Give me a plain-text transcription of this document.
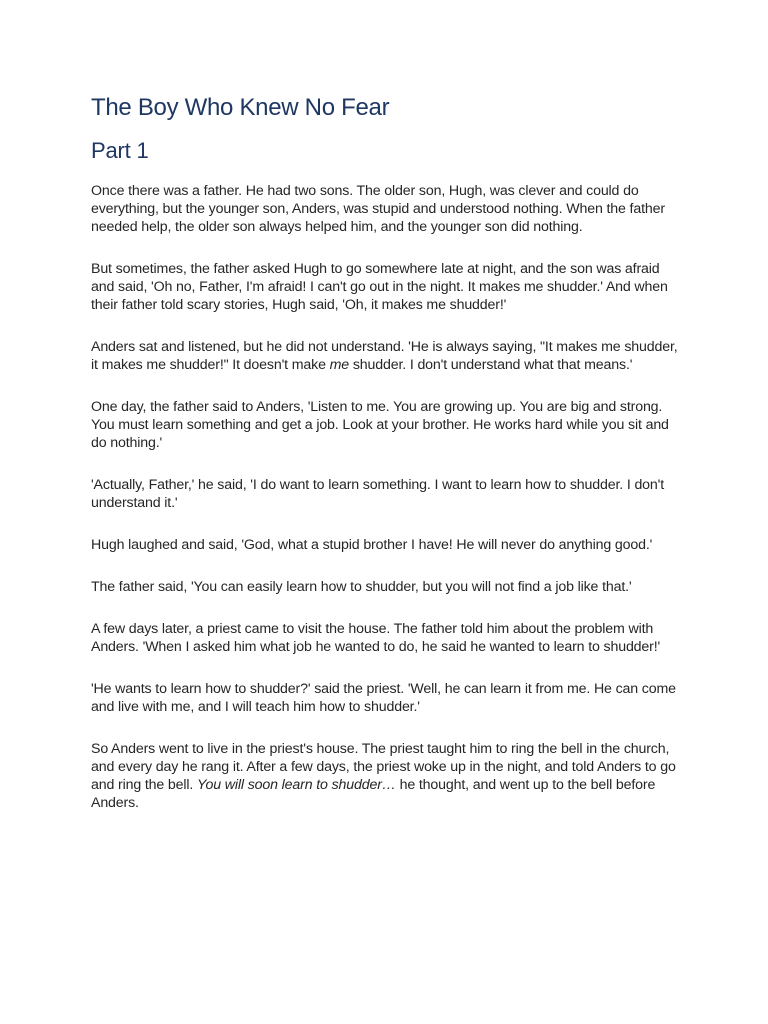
The Boy Who Knew No Fear
Part 1

Once there was a father. He had two sons. The older son, Hugh, was clever and could do everything, but the younger son, Anders, was stupid and understood nothing. When the father needed help, the older son always helped him, and the younger son did nothing.

But sometimes, the father asked Hugh to go somewhere late at night, and the son was afraid and said, 'Oh no, Father, I'm afraid! I can't go out in the night. It makes me shudder.' And when their father told scary stories, Hugh said, 'Oh, it makes me shudder!'

Anders sat and listened, but he did not understand. 'He is always saying, "It makes me shudder, it makes me shudder!" It doesn't make me shudder. I don't understand what that means.'

One day, the father said to Anders, 'Listen to me. You are growing up. You are big and strong. You must learn something and get a job. Look at your brother. He works hard while you sit and do nothing.'

'Actually, Father,' he said, 'I do want to learn something. I want to learn how to shudder. I don't understand it.'

Hugh laughed and said, 'God, what a stupid brother I have! He will never do anything good.'

The father said, 'You can easily learn how to shudder, but you will not find a job like that.'

A few days later, a priest came to visit the house. The father told him about the problem with Anders. 'When I asked him what job he wanted to do, he said he wanted to learn to shudder!'

'He wants to learn how to shudder?' said the priest. 'Well, he can learn it from me. He can come and live with me, and I will teach him how to shudder.'

So Anders went to live in the priest's house. The priest taught him to ring the bell in the church, and every day he rang it. After a few days, the priest woke up in the night, and told Anders to go and ring the bell. You will soon learn to shudder… he thought, and went up to the bell before Anders.
